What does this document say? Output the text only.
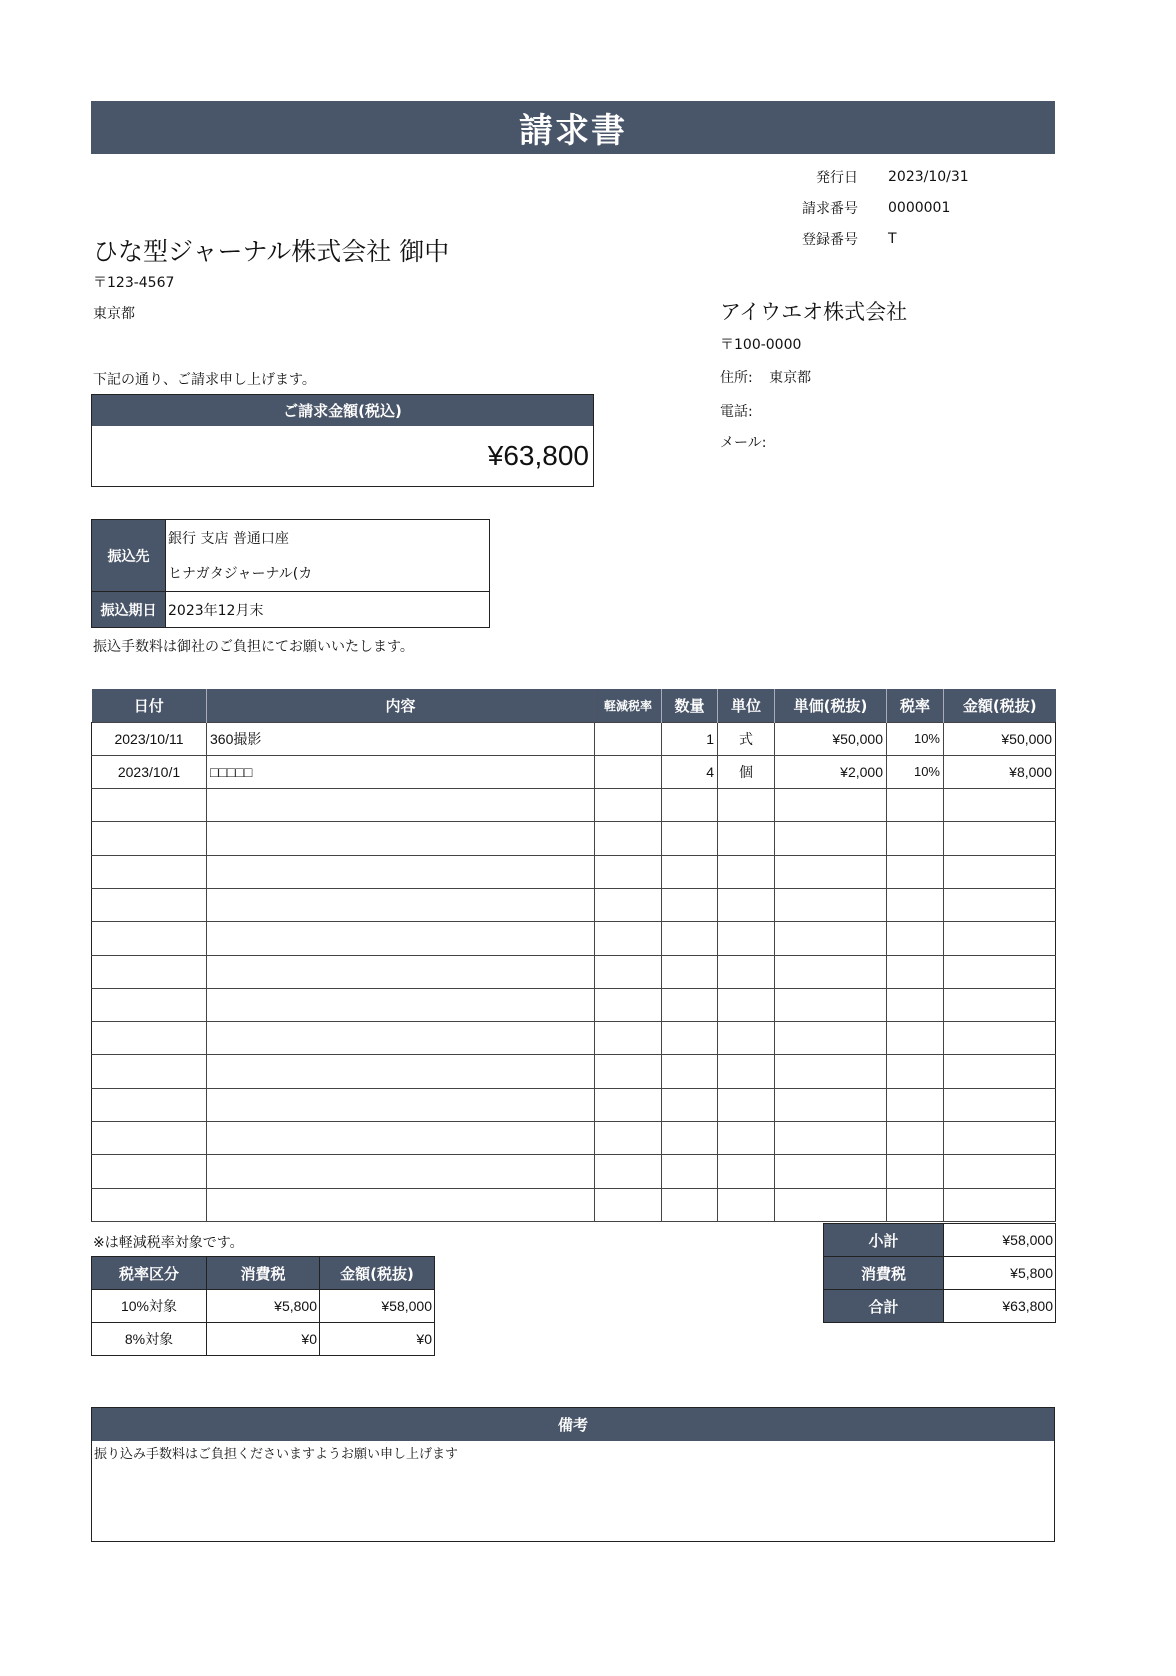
請求書
発行日	2023/10/31
請求番号	0000001
登録番号	T
ひな型ジャーナル株式会社 御中
〒123-4567
東京都
下記の通り、ご請求申し上げます。
ご請求金額(税込)
¥63,800
アイウエオ株式会社
〒100-0000
住所: 東京都
電話:
メール:
振込先	銀行 支店 普通口座
	ヒナガタジャーナル(カ
振込期日	2023年12月末
振込手数料は御社のご負担にてお願いいたします。
日付	内容	軽減税率	数量	単位	単価(税抜)	税率	金額(税抜)
2023/10/11	360撮影		1	式	¥50,000	10%	¥50,000
2023/10/1	□□□□□		4	個	¥2,000	10%	¥8,000

※は軽減税率対象です。
税率区分	消費税	金額(税抜)
10%対象	¥5,800	¥58,000
8%対象	¥0	¥0
小計	¥58,000
消費税	¥5,800
合計	¥63,800
備考
振り込み手数料はご負担くださいますようお願い申し上げます
